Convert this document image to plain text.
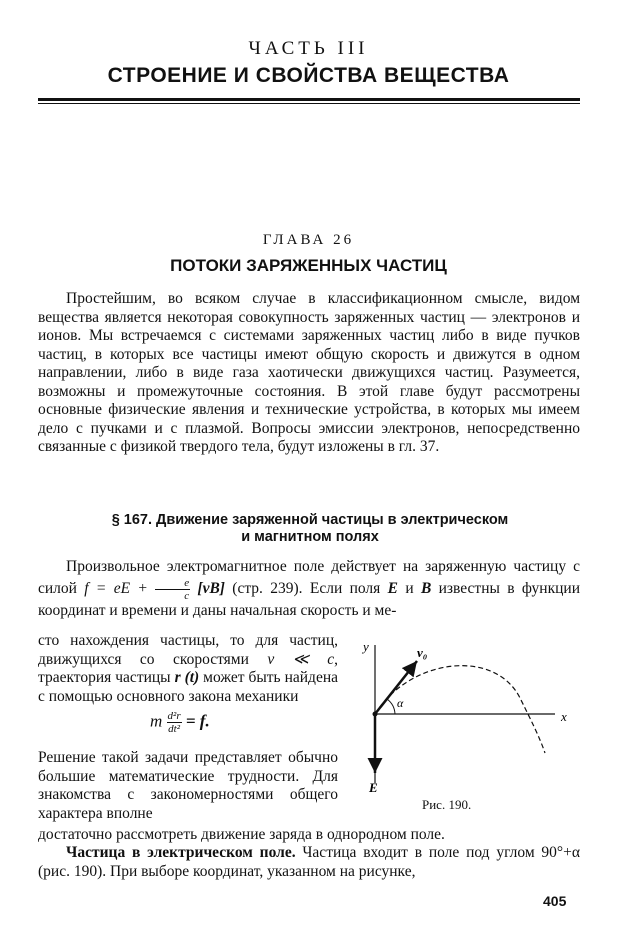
ЧАСТЬ III
СТРОЕНИЕ И СВОЙСТВА ВЕЩЕСТВА
ГЛАВА 26
ПОТОКИ ЗАРЯЖЕННЫХ ЧАСТИЦ
Простейшим, во всяком случае в классификационном смысле, видом вещества является некоторая совокупность заряженных частиц — электронов и ионов. Мы встречаемся с системами заряженных частиц либо в виде пучков частиц, в которых все частицы имеют общую скорость и движутся в одном направлении, либо в виде газа хаотически движущихся частиц. Разумеется, возможны и промежуточные состояния. В этой главе будут рассмотрены основные физические явления и технические устройства, в которых мы имеем дело с пучками и с плазмой. Вопросы эмиссии электронов, непосредственно связанные с физикой твердого тела, будут изложены в гл. 37.
§ 167. Движение заряженной частицы в электрическом
и магнитном полях
Произвольное электромагнитное поле действует на заряженную частицу с силой f = eE + $\frac{e}{c} [vB]$ (стр. 239). Если поля E и B известны в функции координат и времени и даны начальная скорость и ме-
сто нахождения частицы, то для частиц, движущихся со скоростями v ≪ c, траектория частицы r (t) может быть найдена с помощью основного закона механики
m $\frac{\text{d²r}}{\text{dt²}} = f$.
Решение такой задачи представляет обычно большие математические трудности. Для знакомства с закономерностями общего характера вполне
достаточно рассмотреть движение заряда в однородном поле.
Частица в электрическом поле. Частица входит в поле под углом 90°+α (рис. 190). При выборе координат, указанном на рисунке,
y
x
v₀
α
E
Рис. 190.
405
